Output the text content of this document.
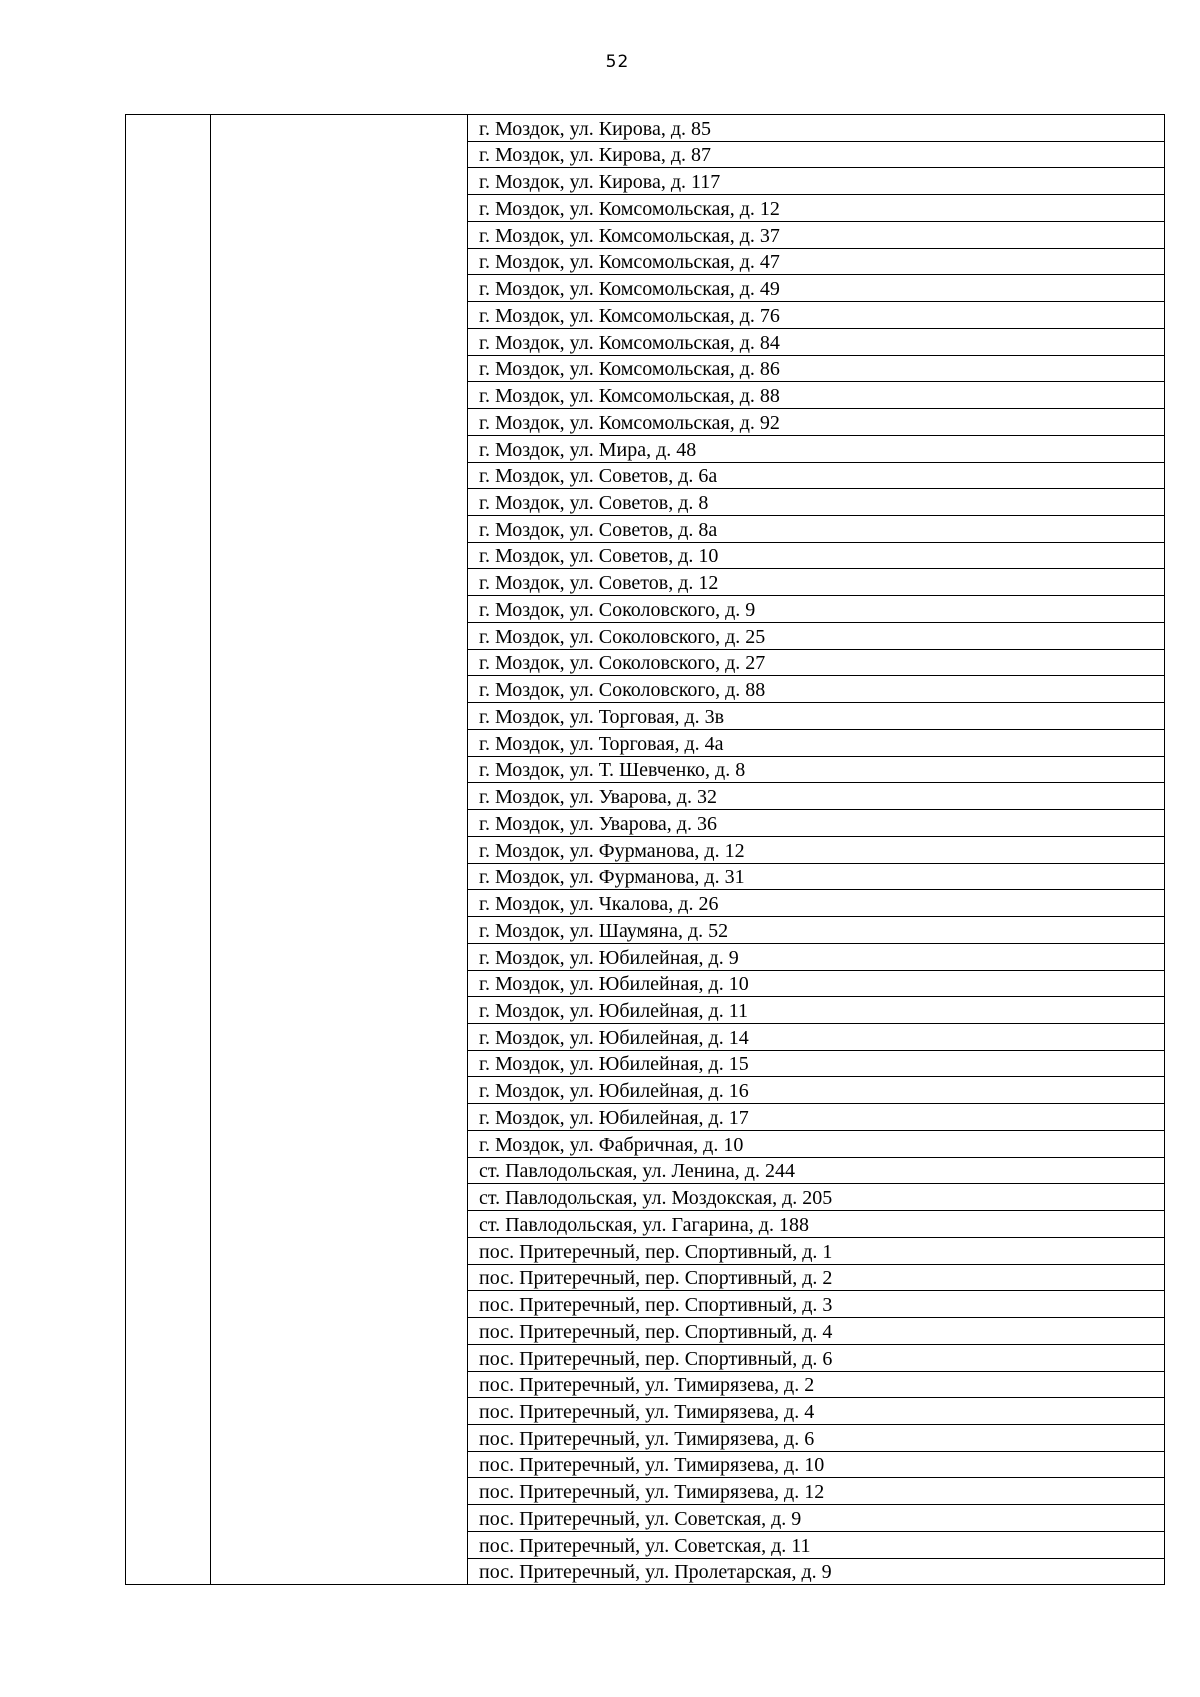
52

г. Моздок, ул. Кирова, д. 85
г. Моздок, ул. Кирова, д. 87
г. Моздок, ул. Кирова, д. 117
г. Моздок, ул. Комсомольская, д. 12
г. Моздок, ул. Комсомольская, д. 37
г. Моздок, ул. Комсомольская, д. 47
г. Моздок, ул. Комсомольская, д. 49
г. Моздок, ул. Комсомольская, д. 76
г. Моздок, ул. Комсомольская, д. 84
г. Моздок, ул. Комсомольская, д. 86
г. Моздок, ул. Комсомольская, д. 88
г. Моздок, ул. Комсомольская, д. 92
г. Моздок, ул. Мира, д. 48
г. Моздок, ул. Советов, д. 6а
г. Моздок, ул. Советов, д. 8
г. Моздок, ул. Советов, д. 8а
г. Моздок, ул. Советов, д. 10
г. Моздок, ул. Советов, д. 12
г. Моздок, ул. Соколовского, д. 9
г. Моздок, ул. Соколовского, д. 25
г. Моздок, ул. Соколовского, д. 27
г. Моздок, ул. Соколовского, д. 88
г. Моздок, ул. Торговая, д. 3в
г. Моздок, ул. Торговая, д. 4а
г. Моздок, ул. Т. Шевченко, д. 8
г. Моздок, ул. Уварова, д. 32
г. Моздок, ул. Уварова, д. 36
г. Моздок, ул. Фурманова, д. 12
г. Моздок, ул. Фурманова, д. 31
г. Моздок, ул. Чкалова, д. 26
г. Моздок, ул. Шаумяна, д. 52
г. Моздок, ул. Юбилейная, д. 9
г. Моздок, ул. Юбилейная, д. 10
г. Моздок, ул. Юбилейная, д. 11
г. Моздок, ул. Юбилейная, д. 14
г. Моздок, ул. Юбилейная, д. 15
г. Моздок, ул. Юбилейная, д. 16
г. Моздок, ул. Юбилейная, д. 17
г. Моздок, ул. Фабричная, д. 10
ст. Павлодольская, ул. Ленина, д. 244
ст. Павлодольская, ул. Моздокская, д. 205
ст. Павлодольская, ул. Гагарина, д. 188
пос. Притеречный, пер. Спортивный, д. 1
пос. Притеречный, пер. Спортивный, д. 2
пос. Притеречный, пер. Спортивный, д. 3
пос. Притеречный, пер. Спортивный, д. 4
пос. Притеречный, пер. Спортивный, д. 6
пос. Притеречный, ул. Тимирязева, д. 2
пос. Притеречный, ул. Тимирязева, д. 4
пос. Притеречный, ул. Тимирязева, д. 6
пос. Притеречный, ул. Тимирязева, д. 10
пос. Притеречный, ул. Тимирязева, д. 12
пос. Притеречный, ул. Советская, д. 9
пос. Притеречный, ул. Советская, д. 11
пос. Притеречный, ул. Пролетарская, д. 9
